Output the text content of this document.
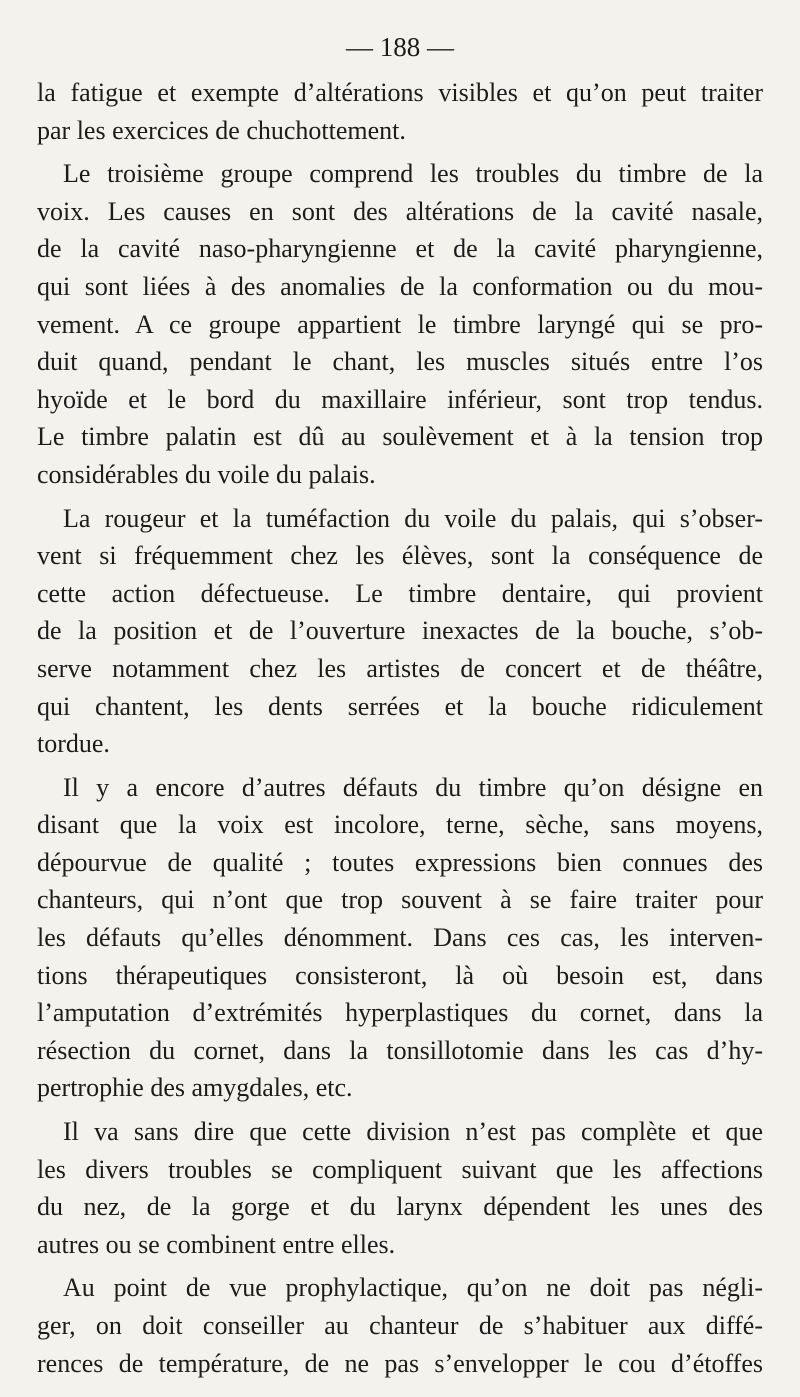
— 188 —
la fatigue et exempte d’altérations visibles et qu’on peut traiter
par les exercices de chuchottement.
Le troisième groupe comprend les troubles du timbre de la
voix. Les causes en sont des altérations de la cavité nasale,
de la cavité naso-pharyngienne et de la cavité pharyngienne,
qui sont liées à des anomalies de la conformation ou du mou-
vement. A ce groupe appartient le timbre laryngé qui se pro-
duit quand, pendant le chant, les muscles situés entre l’os
hyoïde et le bord du maxillaire inférieur, sont trop tendus.
Le timbre palatin est dû au soulèvement et à la tension trop
considérables du voile du palais.
La rougeur et la tuméfaction du voile du palais, qui s’obser-
vent si fréquemment chez les élèves, sont la conséquence de
cette action défectueuse. Le timbre dentaire, qui provient
de la position et de l’ouverture inexactes de la bouche, s’ob-
serve notamment chez les artistes de concert et de théâtre,
qui chantent, les dents serrées et la bouche ridiculement
tordue.
Il y a encore d’autres défauts du timbre qu’on désigne en
disant que la voix est incolore, terne, sèche, sans moyens,
dépourvue de qualité ; toutes expressions bien connues des
chanteurs, qui n’ont que trop souvent à se faire traiter pour
les défauts qu’elles dénomment. Dans ces cas, les interven-
tions thérapeutiques consisteront, là où besoin est, dans
l’amputation d’extrémités hyperplastiques du cornet, dans la
résection du cornet, dans la tonsillotomie dans les cas d’hy-
pertrophie des amygdales, etc.
Il va sans dire que cette division n’est pas complète et que
les divers troubles se compliquent suivant que les affections
du nez, de la gorge et du larynx dépendent les unes des
autres ou se combinent entre elles.
Au point de vue prophylactique, qu’on ne doit pas négli-
ger, on doit conseiller au chanteur de s’habituer aux diffé-
rences de température, de ne pas s’envelopper le cou d’étoffes
